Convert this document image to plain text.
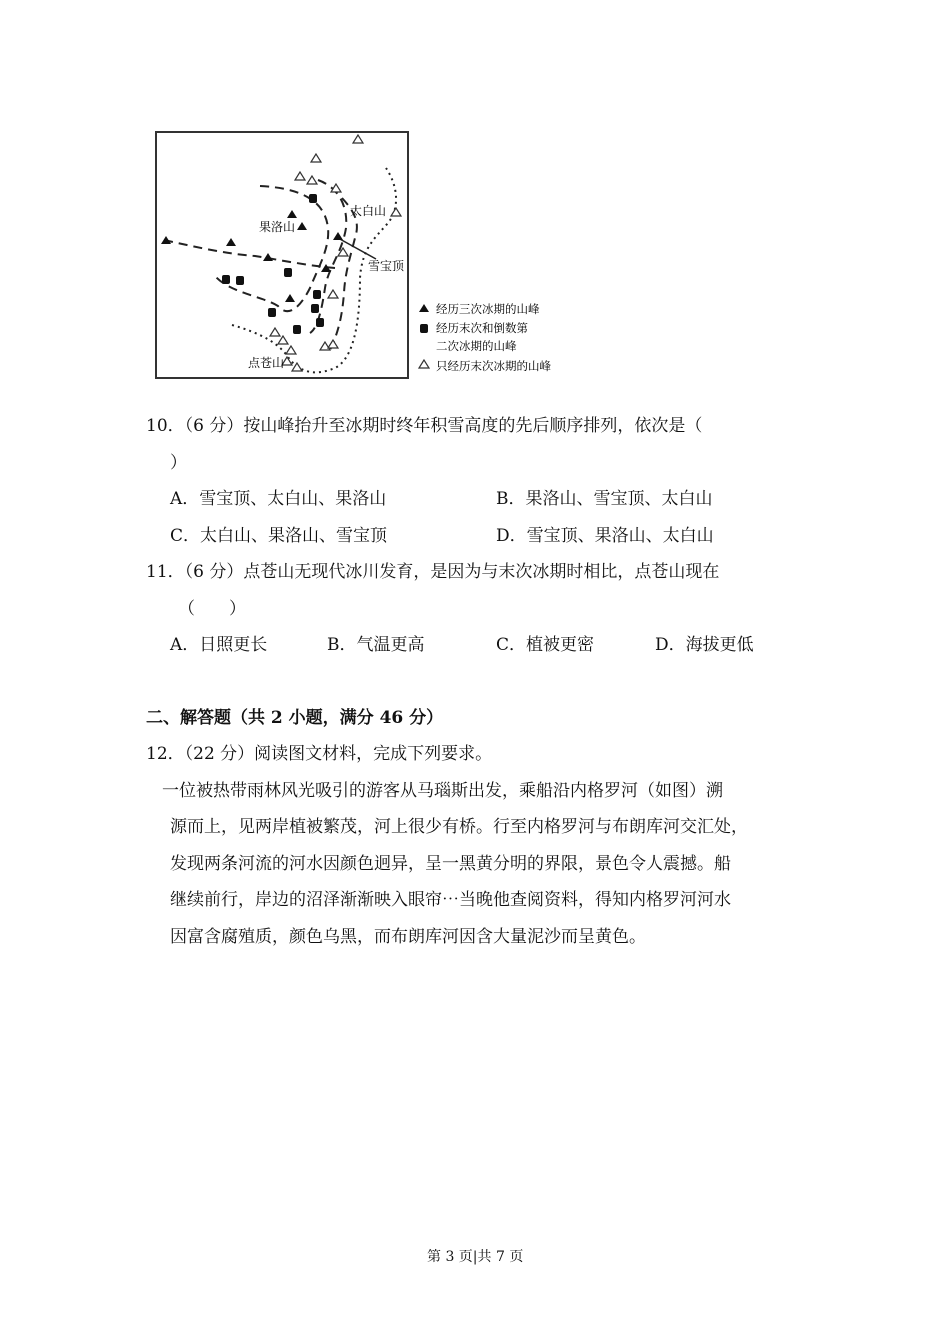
果洛山
太白山
雪宝顶
点苍山
经历三次冰期的山峰
经历末次和倒数第
二次冰期的山峰
只经历末次冰期的山峰
10．（6 分）按山峰抬升至冰期时终年积雪高度的先后顺序排列，依次是（
）
A．雪宝顶、太白山、果洛山	B．果洛山、雪宝顶、太白山
C．太白山、果洛山、雪宝顶	D．雪宝顶、果洛山、太白山
11．（6 分）点苍山无现代冰川发育，是因为与末次冰期时相比，点苍山现在
（　　）
A．日照更长	B．气温更高	C．植被更密	D．海拔更低
二、解答题（共 2 小题，满分 46 分）
12．（22 分）阅读图文材料，完成下列要求。
一位被热带雨林风光吸引的游客从马瑙斯出发，乘船沿内格罗河（如图）溯
源而上，见两岸植被繁茂，河上很少有桥。行至内格罗河与布朗库河交汇处，
发现两条河流的河水因颜色迥异，呈一黑黄分明的界限，景色令人震撼。船
继续前行，岸边的沼泽渐渐映入眼帘⋯当晚他查阅资料，得知内格罗河河水
因富含腐殖质，颜色乌黑，而布朗库河因含大量泥沙而呈黄色。
第 3 页|共 7 页
